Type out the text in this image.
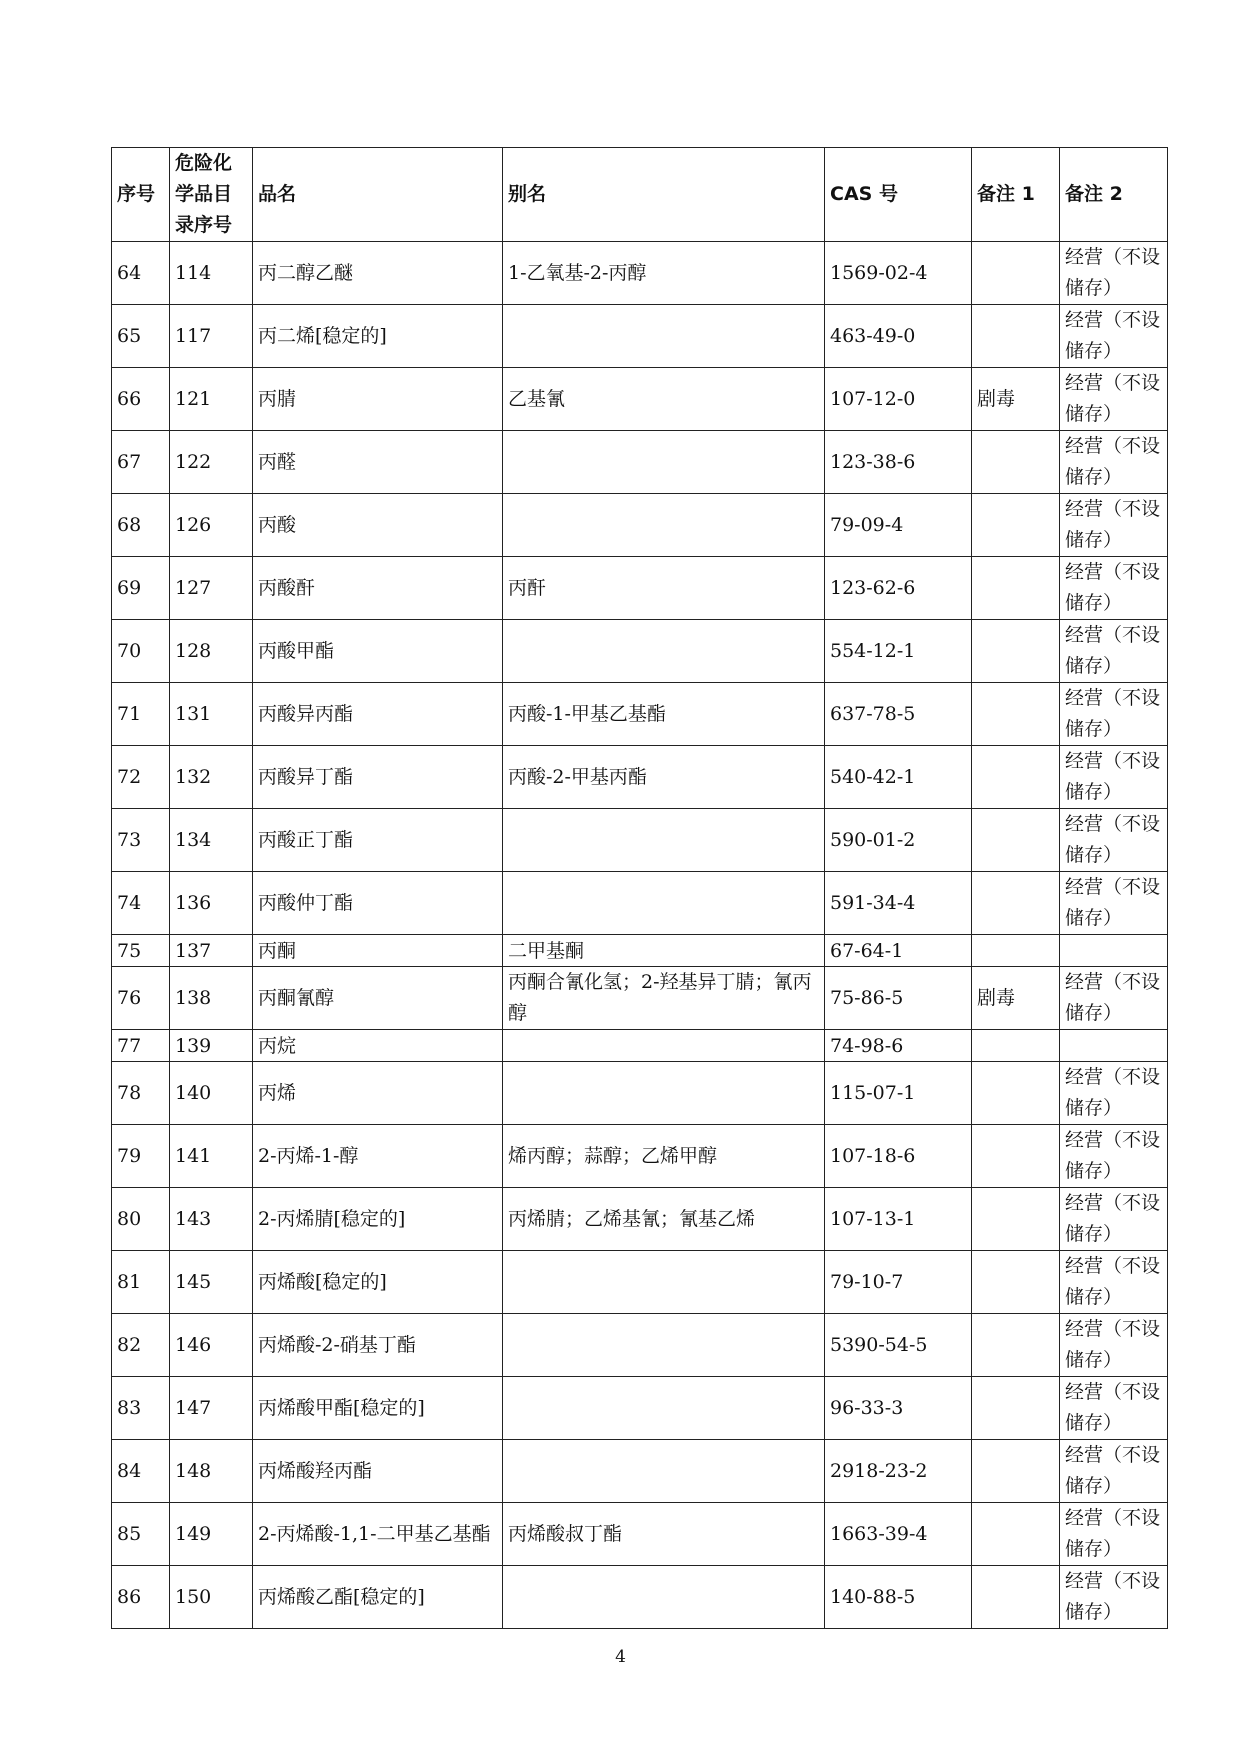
序号	危险化学品目录序号	品名	别名	CAS 号	备注 1	备注 2
64	114	丙二醇乙醚	1-乙氧基-2-丙醇	1569-02-4		经营（不设储存）
65	117	丙二烯[稳定的]		463-49-0		经营（不设储存）
66	121	丙腈	乙基氰	107-12-0	剧毒	经营（不设储存）
67	122	丙醛		123-38-6		经营（不设储存）
68	126	丙酸		79-09-4		经营（不设储存）
69	127	丙酸酐	丙酐	123-62-6		经营（不设储存）
70	128	丙酸甲酯		554-12-1		经营（不设储存）
71	131	丙酸异丙酯	丙酸-1-甲基乙基酯	637-78-5		经营（不设储存）
72	132	丙酸异丁酯	丙酸-2-甲基丙酯	540-42-1		经营（不设储存）
73	134	丙酸正丁酯		590-01-2		经营（不设储存）
74	136	丙酸仲丁酯		591-34-4		经营（不设储存）
75	137	丙酮	二甲基酮	67-64-1		
76	138	丙酮氰醇	丙酮合氰化氢；2-羟基异丁腈；氰丙醇	75-86-5	剧毒	经营（不设储存）
77	139	丙烷		74-98-6		
78	140	丙烯		115-07-1		经营（不设储存）
79	141	2-丙烯-1-醇	烯丙醇；蒜醇；乙烯甲醇	107-18-6		经营（不设储存）
80	143	2-丙烯腈[稳定的]	丙烯腈；乙烯基氰；氰基乙烯	107-13-1		经营（不设储存）
81	145	丙烯酸[稳定的]		79-10-7		经营（不设储存）
82	146	丙烯酸-2-硝基丁酯		5390-54-5		经营（不设储存）
83	147	丙烯酸甲酯[稳定的]		96-33-3		经营（不设储存）
84	148	丙烯酸羟丙酯		2918-23-2		经营（不设储存）
85	149	2-丙烯酸-1,1-二甲基乙基酯	丙烯酸叔丁酯	1663-39-4		经营（不设储存）
86	150	丙烯酸乙酯[稳定的]		140-88-5		经营（不设储存）
4
